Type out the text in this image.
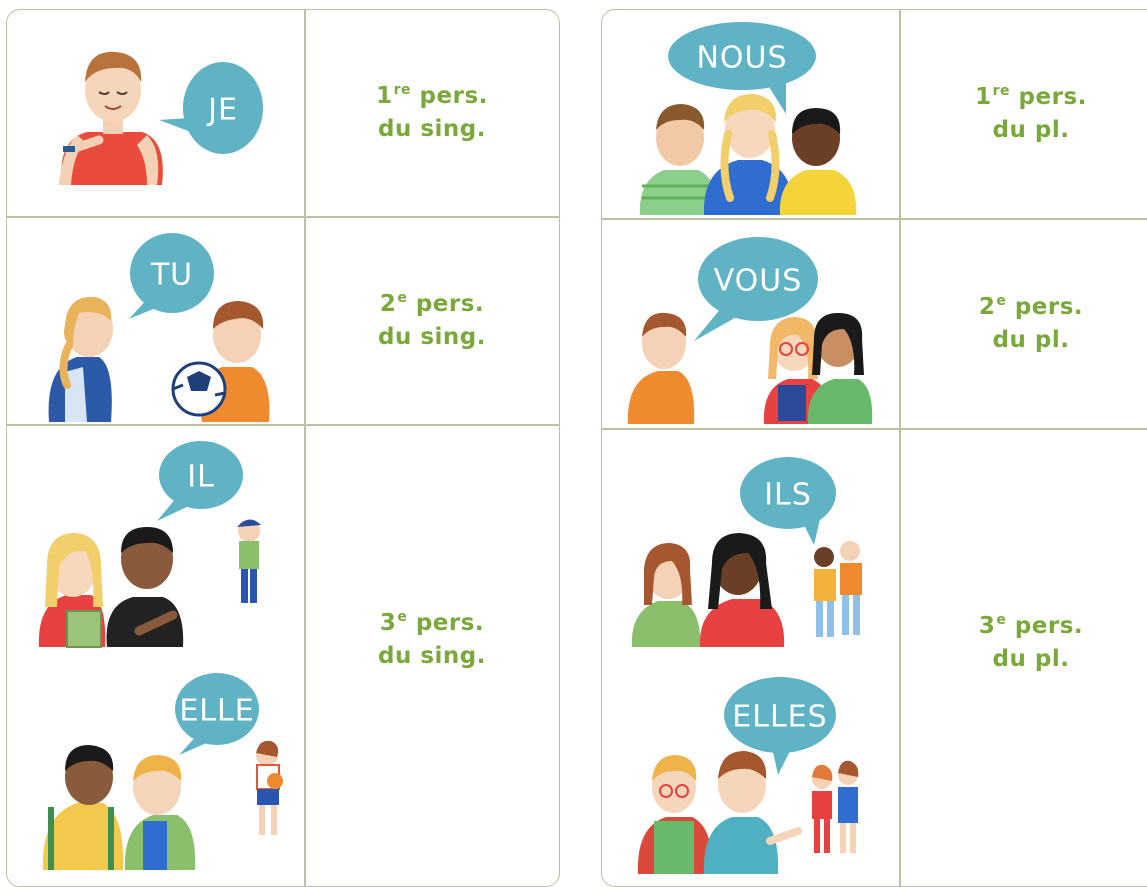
JE	1re pers.
du sing.
TU
2e pers.
du sing.
IL
ELLE
3e pers.
du sing.
NOUS
1re pers.
du pl.
VOUS
2e pers.
du pl.
ILS
ELLES
3e pers.
du pl.
